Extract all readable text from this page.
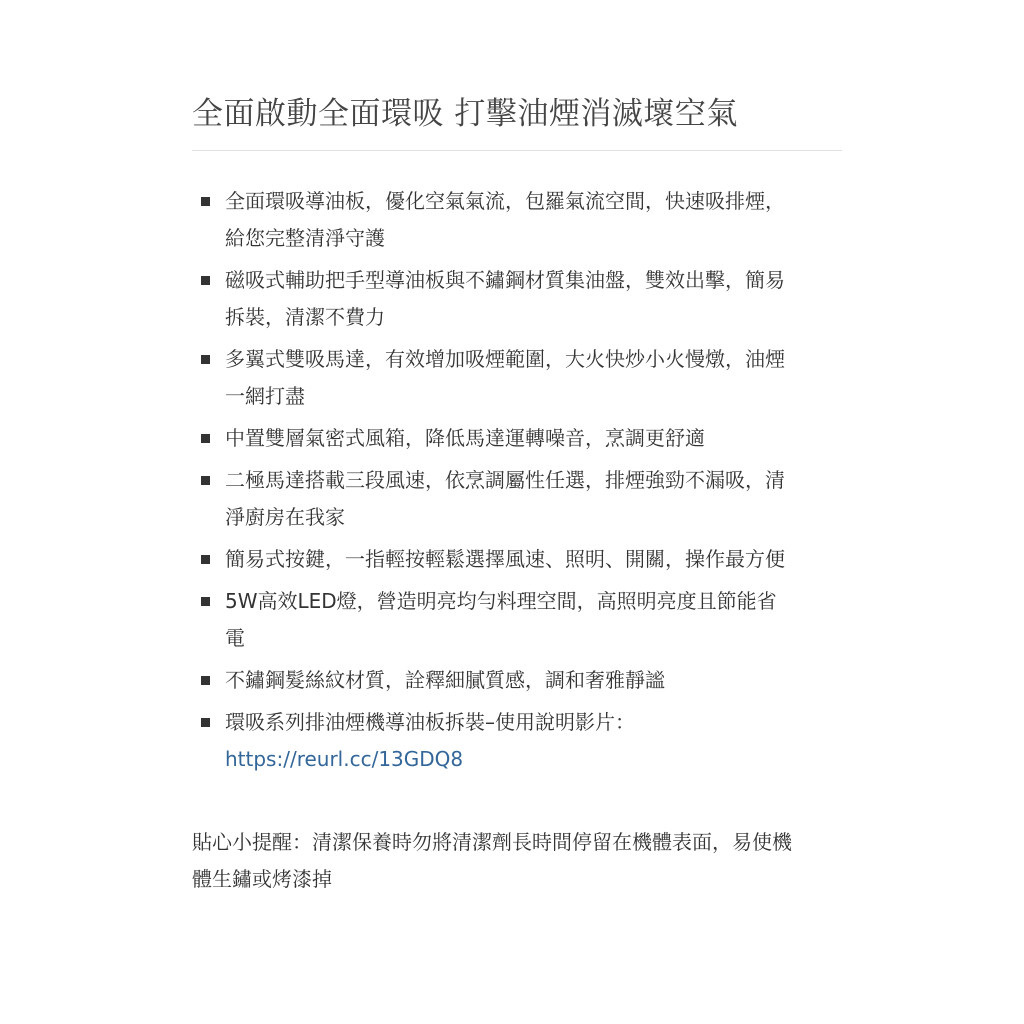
全面啟動全面環吸 打擊油煙消滅壞空氣
全面環吸導油板，優化空氣氣流，包羅氣流空間，快速吸排煙，給您完整清淨守護
磁吸式輔助把手型導油板與不鏽鋼材質集油盤，雙效出擊，簡易拆裝，清潔不費力
多翼式雙吸馬達，有效增加吸煙範圍，大火快炒小火慢燉，油煙一網打盡
中置雙層氣密式風箱，降低馬達運轉噪音，烹調更舒適
二極馬達搭載三段風速，依烹調屬性任選，排煙強勁不漏吸，清淨廚房在我家
簡易式按鍵，一指輕按輕鬆選擇風速、照明、開關，操作最方便
5W高效LED燈，營造明亮均勻料理空間，高照明亮度且節能省電
不鏽鋼髮絲紋材質，詮釋細膩質感，調和奢雅靜謐
環吸系列排油煙機導油板拆裝–使用說明影片：
https://reurl.cc/13GDQ8

貼心小提醒：清潔保養時勿將清潔劑長時間停留在機體表面，易使機體生鏽或烤漆掉
